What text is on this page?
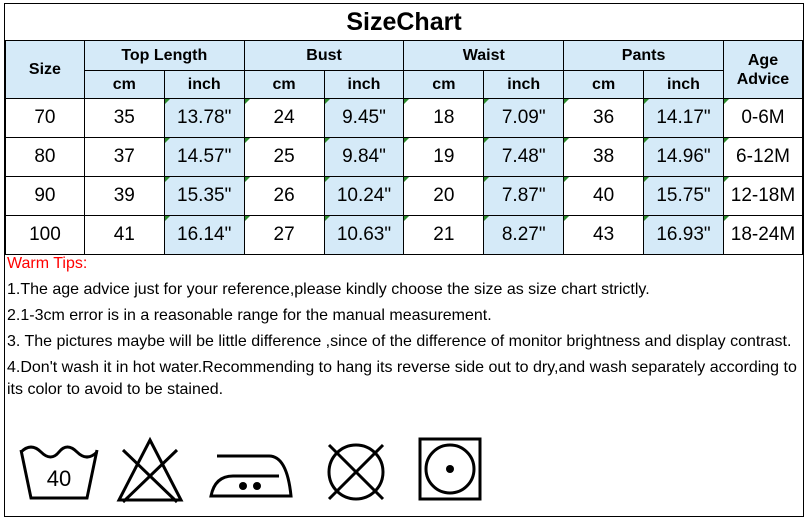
SizeChart
Size	Top Length		Bust		Waist		Pants		Age
Advice
	cm	inch	cm	inch	cm	inch	cm	inch	
70	35	13.78"	24	9.45"	18	7.09"	36	14.17"	0-6M
80	37	14.57"	25	9.84"	19	7.48"	38	14.96"	6-12M
90	39	15.35"	26	10.24"	20	7.87"	40	15.75"	12-18M
100	41	16.14"	27	10.63"	21	8.27"	43	16.93"	18-24M
Warm Tips:
1.The age advice just for your reference,please kindly choose the size as size chart strictly.
2.1-3cm error is in a reasonable range for the manual measurement.
3. The pictures maybe will be little difference ,since of the difference of monitor brightness and display contrast.
4.Don't wash it in hot water.Recommending to hang its reverse side out to dry,and wash separately according to its color to avoid to be stained.
40
